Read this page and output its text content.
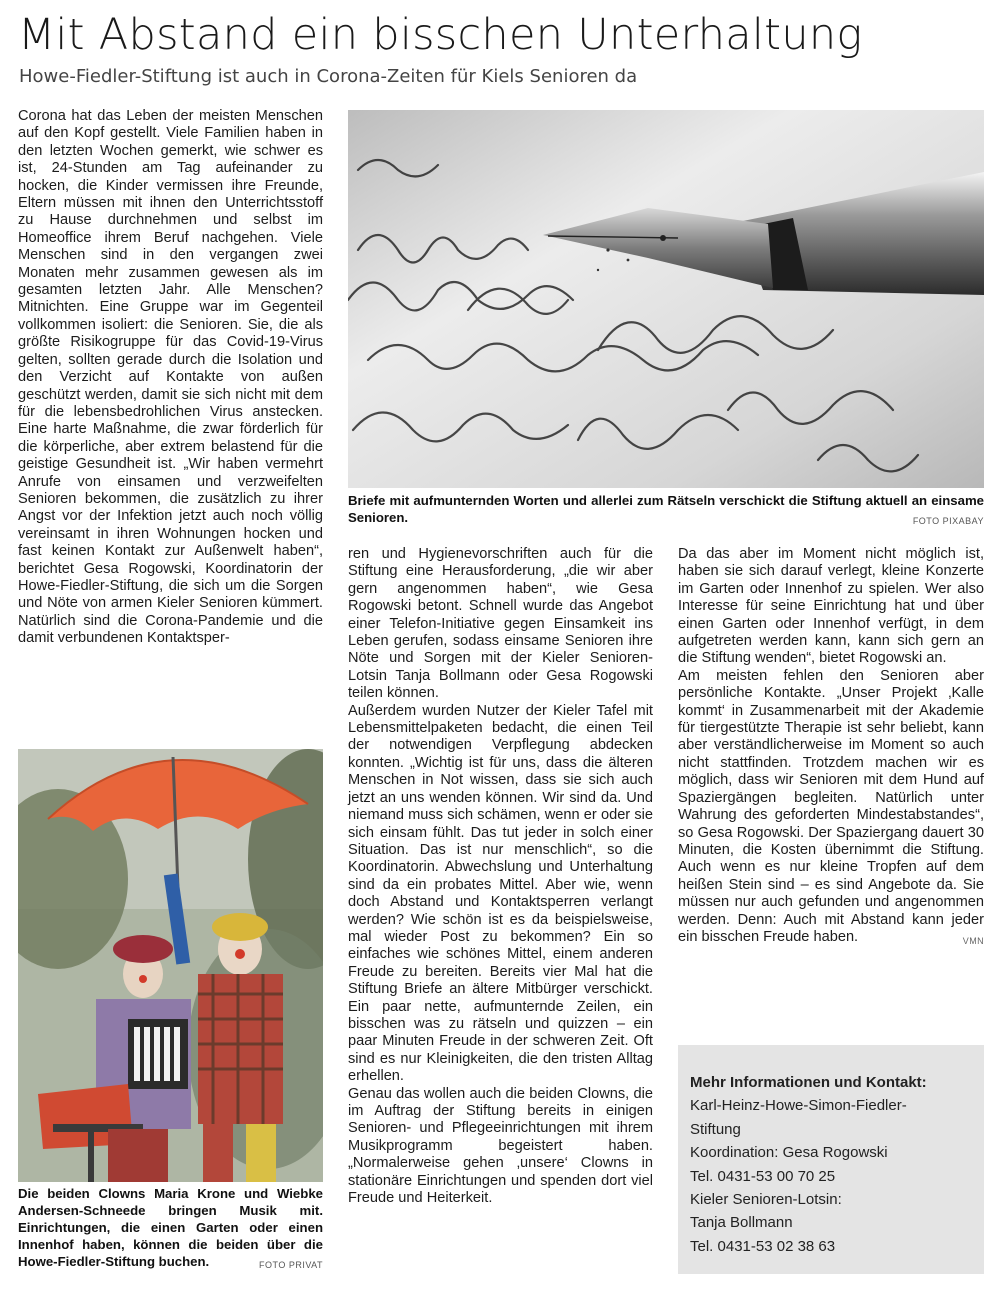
Mit Abstand ein bisschen Unterhaltung
Howe-Fiedler-Stiftung ist auch in Corona-Zeiten für Kiels Senioren da

Corona hat das Leben der meisten Menschen auf den Kopf gestellt. Viele Familien haben in den letzten Wochen gemerkt, wie schwer es ist, 24-Stunden am Tag aufeinander zu hocken, die Kinder vermissen ihre Freunde, Eltern müssen mit ihnen den Unterrichtsstoff zu Hause durchnehmen und selbst im Homeoffice ihrem Beruf nachgehen. Viele Menschen sind in den vergangen zwei Monaten mehr zusammen gewesen als im gesamten letzten Jahr. Alle Menschen? Mitnichten. Eine Gruppe war im Gegenteil vollkommen isoliert: die Senioren. Sie, die als größte Risikogruppe für das Covid-19-Virus gelten, sollten gerade durch die Isolation und den Verzicht auf Kontakte von außen geschützt werden, damit sie sich nicht mit dem für die lebensbedrohlichen Virus anstecken. Eine harte Maßnahme, die zwar förderlich für die körperliche, aber extrem belastend für die geistige Gesundheit ist. „Wir haben vermehrt Anrufe von einsamen und verzweifelten Senioren bekommen, die zusätzlich zu ihrer Angst vor der Infektion jetzt auch noch völlig vereinsamt in ihren Wohnungen hocken und fast keinen Kontakt zur Außenwelt haben“, berichtet Gesa Rogowski, Koordinatorin der Howe-Fiedler-Stiftung, die sich um die Sorgen und Nöte von armen Kieler Senioren kümmert. Natürlich sind die Corona-Pandemie und die damit verbundenen Kontaktsper-

Briefe mit aufmunternden Worten und allerlei zum Rätseln verschickt die Stiftung aktuell an einsame Senioren.	FOTO PIXABAY
Die beiden Clowns Maria Krone und Wiebke Andersen-Schneede bringen Musik mit. Einrichtungen, die einen Garten oder einen Innenhof haben, können die beiden über die Howe-Fiedler-Stiftung buchen.	FOTO PRIVAT

ren und Hygienevorschriften auch für die Stiftung eine Herausforderung, „die wir aber gern angenommen haben“, wie Gesa Rogowski betont. Schnell wurde das Angebot einer Telefon-Initiative gegen Einsamkeit ins Leben gerufen, sodass einsame Senioren ihre Nöte und Sorgen mit der Kieler Senioren-Lotsin Tanja Bollmann oder Gesa Rogowski teilen können.

Außerdem wurden Nutzer der Kieler Tafel mit Lebensmittelpaketen bedacht, die einen Teil der notwendigen Verpflegung abdecken konnten. „Wichtig ist für uns, dass die älteren Menschen in Not wissen, dass sie sich auch jetzt an uns wenden können. Wir sind da. Und niemand muss sich schämen, wenn er oder sie sich einsam fühlt. Das tut jeder in solch einer Situation. Das ist nur menschlich“, so die Koordinatorin. Abwechslung und Unterhaltung sind da ein probates Mittel. Aber wie, wenn doch Abstand und Kontaktsperren verlangt werden? Wie schön ist es da beispielsweise, mal wieder Post zu bekommen? Ein so einfaches wie schönes Mittel, einem anderen Freude zu bereiten. Bereits vier Mal hat die Stiftung Briefe an ältere Mitbürger verschickt. Ein paar nette, aufmunternde Zeilen, ein bisschen was zu rätseln und quizzen – ein paar Minuten Freude in der schweren Zeit. Oft sind es nur Kleinigkeiten, die den tristen Alltag erhellen.

Genau das wollen auch die beiden Clowns, die im Auftrag der Stiftung bereits in einigen Senioren- und Pflegeeinrichtungen mit ihrem Musikprogramm begeistert haben. „Normalerweise gehen ‚unsere‘ Clowns in stationäre Einrichtungen und spenden dort viel Freude und Heiterkeit.

Da das aber im Moment nicht möglich ist, haben sie sich darauf verlegt, kleine Konzerte im Garten oder Innenhof zu spielen. Wer also Interesse für seine Einrichtung hat und über einen Garten oder Innenhof verfügt, in dem aufgetreten werden kann, kann sich gern an die Stiftung wenden“, bietet Rogowski an.

Am meisten fehlen den Senioren aber persönliche Kontakte. „Unser Projekt ‚Kalle kommt‘ in Zusammenarbeit mit der Akademie für tiergestützte Therapie ist sehr beliebt, kann aber verständlicherweise im Moment so auch nicht stattfinden. Trotzdem machen wir es möglich, dass wir Senioren mit dem Hund auf Spaziergängen begleiten. Natürlich unter Wahrung des geforderten Mindestabstandes“, so Gesa Rogowski. Der Spaziergang dauert 30 Minuten, die Kosten übernimmt die Stiftung. Auch wenn es nur kleine Tropfen auf dem heißen Stein sind – es sind Angebote da. Sie müssen nur auch gefunden und angenommen werden. Denn: Auch mit Abstand kann jeder ein bisschen Freude haben.	VMN

Mehr Informationen und Kontakt:
Karl-Heinz-Howe-Simon-Fiedler-
Stiftung
Koordination: Gesa Rogowski
Tel. 0431-53 00 70 25
Kieler Senioren-Lotsin:
Tanja Bollmann
Tel. 0431-53 02 38 63
